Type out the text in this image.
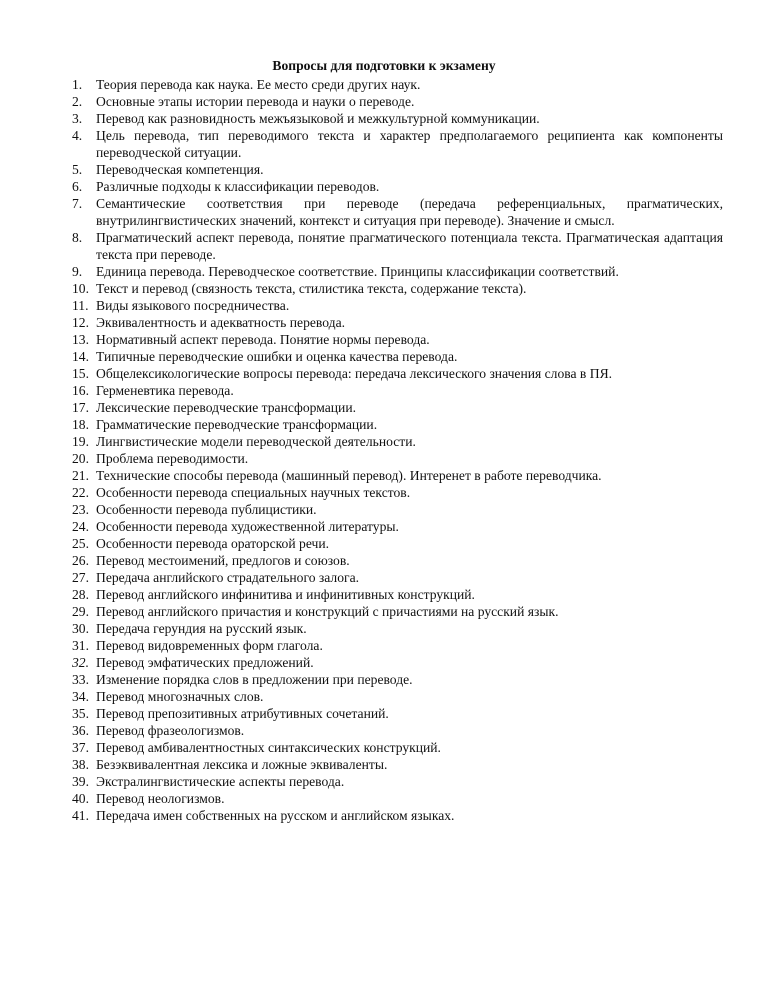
Вопросы для подготовки к экзамену
1. Теория перевода как наука. Ее место среди других наук.
2. Основные этапы истории перевода и науки о переводе.
3. Перевод как разновидность межъязыковой и межкультурной коммуникации.
4. Цель перевода, тип переводимого текста и характер предполагаемого реципиента как компоненты переводческой ситуации.
5. Переводческая компетенция.
6. Различные подходы к классификации переводов.
7. Семантические соответствия при переводе (передача референциальных, прагматических, внутрилингвистических значений, контекст и ситуация при переводе). Значение и смысл.
8. Прагматический аспект перевода, понятие прагматического потенциала текста. Прагматическая адаптация текста при переводе.
9. Единица перевода. Переводческое соответствие. Принципы классификации соответствий.
10. Текст и перевод (связность текста, стилистика текста, содержание текста).
11. Виды языкового посредничества.
12. Эквивалентность и адекватность перевода.
13. Нормативный аспект перевода. Понятие нормы перевода.
14. Типичные переводческие ошибки и оценка качества перевода.
15. Общелексикологические вопросы перевода: передача лексического значения слова в ПЯ.
16. Герменевтика перевода.
17. Лексические переводческие трансформации.
18. Грамматические переводческие трансформации.
19. Лингвистические модели переводческой деятельности.
20. Проблема переводимости.
21. Технические способы перевода (машинный перевод). Интеренет в работе переводчика.
22. Особенности перевода специальных научных текстов.
23. Особенности перевода публицистики.
24. Особенности перевода художественной литературы.
25. Особенности перевода ораторской речи.
26. Перевод местоимений, предлогов и союзов.
27. Передача английского страдательного залога.
28. Перевод английского инфинитива и инфинитивных конструкций.
29. Перевод английского причастия и конструкций с причастиями на русский язык.
30. Передача герундия на русский язык.
31. Перевод видовременных форм глагола.
32. Перевод эмфатических предложений.
33. Изменение порядка слов в предложении при переводе.
34. Перевод многозначных слов.
35. Перевод препозитивных атрибутивных сочетаний.
36. Перевод фразеологизмов.
37. Перевод амбивалентностных синтаксических конструкций.
38. Безэквивалентная лексика и ложные эквиваленты.
39. Экстралингвистические аспекты перевода.
40. Перевод неологизмов.
41. Передача имен собственных на русском и английском языках.
